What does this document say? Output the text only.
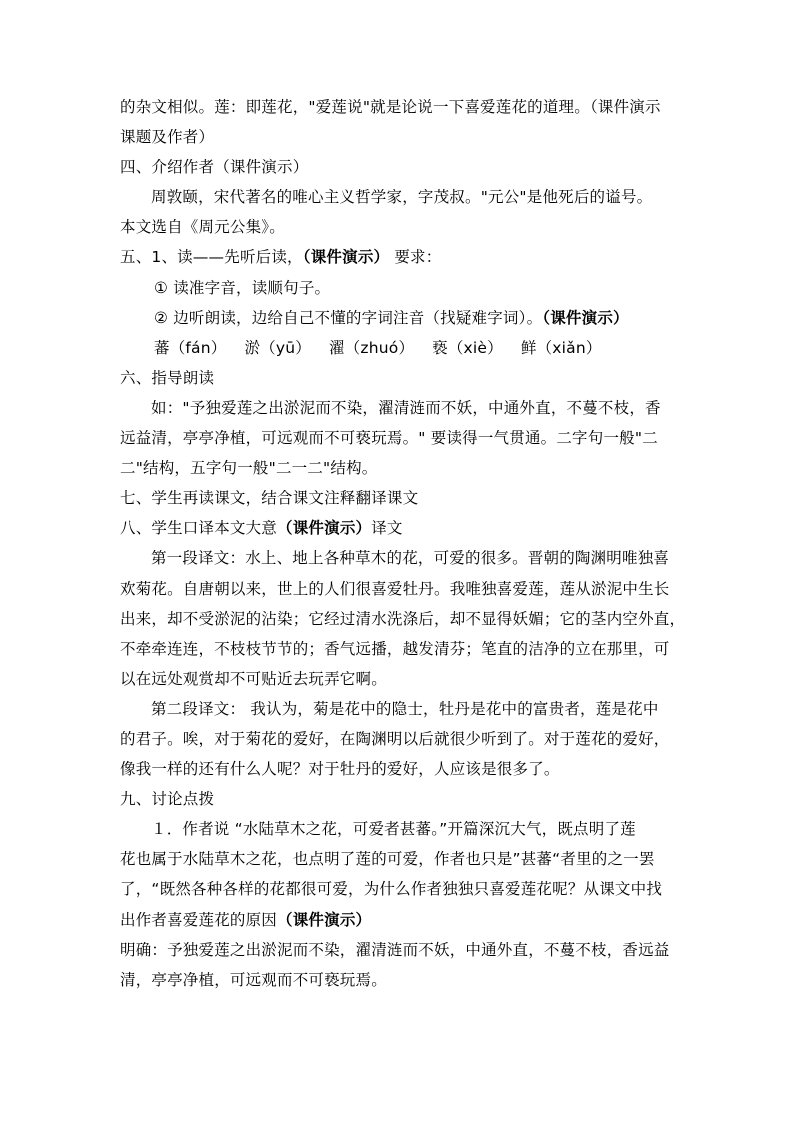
的杂文相似。莲：即莲花，"爱莲说"就是论说一下喜爱莲花的道理。（课件演示
课题及作者）
四、介绍作者（课件演示）
周敦颐，宋代著名的唯心主义哲学家，字茂叔。"元公"是他死后的谥号。
本文选自《周元公集》。
五、1、读——先听后读，（课件演示） 要求：
① 读准字音，读顺句子。
② 边听朗读，边给自己不懂的字词注音（找疑难字词）。（课件演示）
蕃（fán） 淤（yū） 濯（zhuó） 亵（xiè） 鲜（xiǎn）
六、指导朗读
如："予独爱莲之出淤泥而不染，濯清涟而不妖，中通外直，不蔓不枝，香
远益清，亭亭净植，可远观而不可亵玩焉。" 要读得一气贯通。二字句一般"二
二"结构，五字句一般"二一二"结构。
七、学生再读课文，结合课文注释翻译课文
八、学生口译本文大意（课件演示）译文
第一段译文：水上、地上各种草木的花，可爱的很多。晋朝的陶渊明唯独喜
欢菊花。自唐朝以来，世上的人们很喜爱牡丹。我唯独喜爱莲，莲从淤泥中生长
出来，却不受淤泥的沾染；它经过清水洗涤后，却不显得妖媚；它的茎内空外直，
不牵牵连连，不枝枝节节的；香气远播，越发清芬；笔直的洁净的立在那里，可
以在远处观赏却不可贴近去玩弄它啊。
第二段译文： 我认为，菊是花中的隐士，牡丹是花中的富贵者，莲是花中
的君子。唉，对于菊花的爱好，在陶渊明以后就很少听到了。对于莲花的爱好，
像我一样的还有什么人呢？对于牡丹的爱好，人应该是很多了。
九、讨论点拨
１．作者说 “水陆草木之花，可爱者甚蕃。”开篇深沉大气，既点明了莲
花也属于水陆草木之花，也点明了莲的可爱，作者也只是”甚蕃“者里的之一罢
了，“既然各种各样的花都很可爱，为什么作者独独只喜爱莲花呢？从课文中找
出作者喜爱莲花的原因（课件演示）
明确：予独爱莲之出淤泥而不染，濯清涟而不妖，中通外直，不蔓不枝，香远益
清，亭亭净植，可远观而不可亵玩焉。
